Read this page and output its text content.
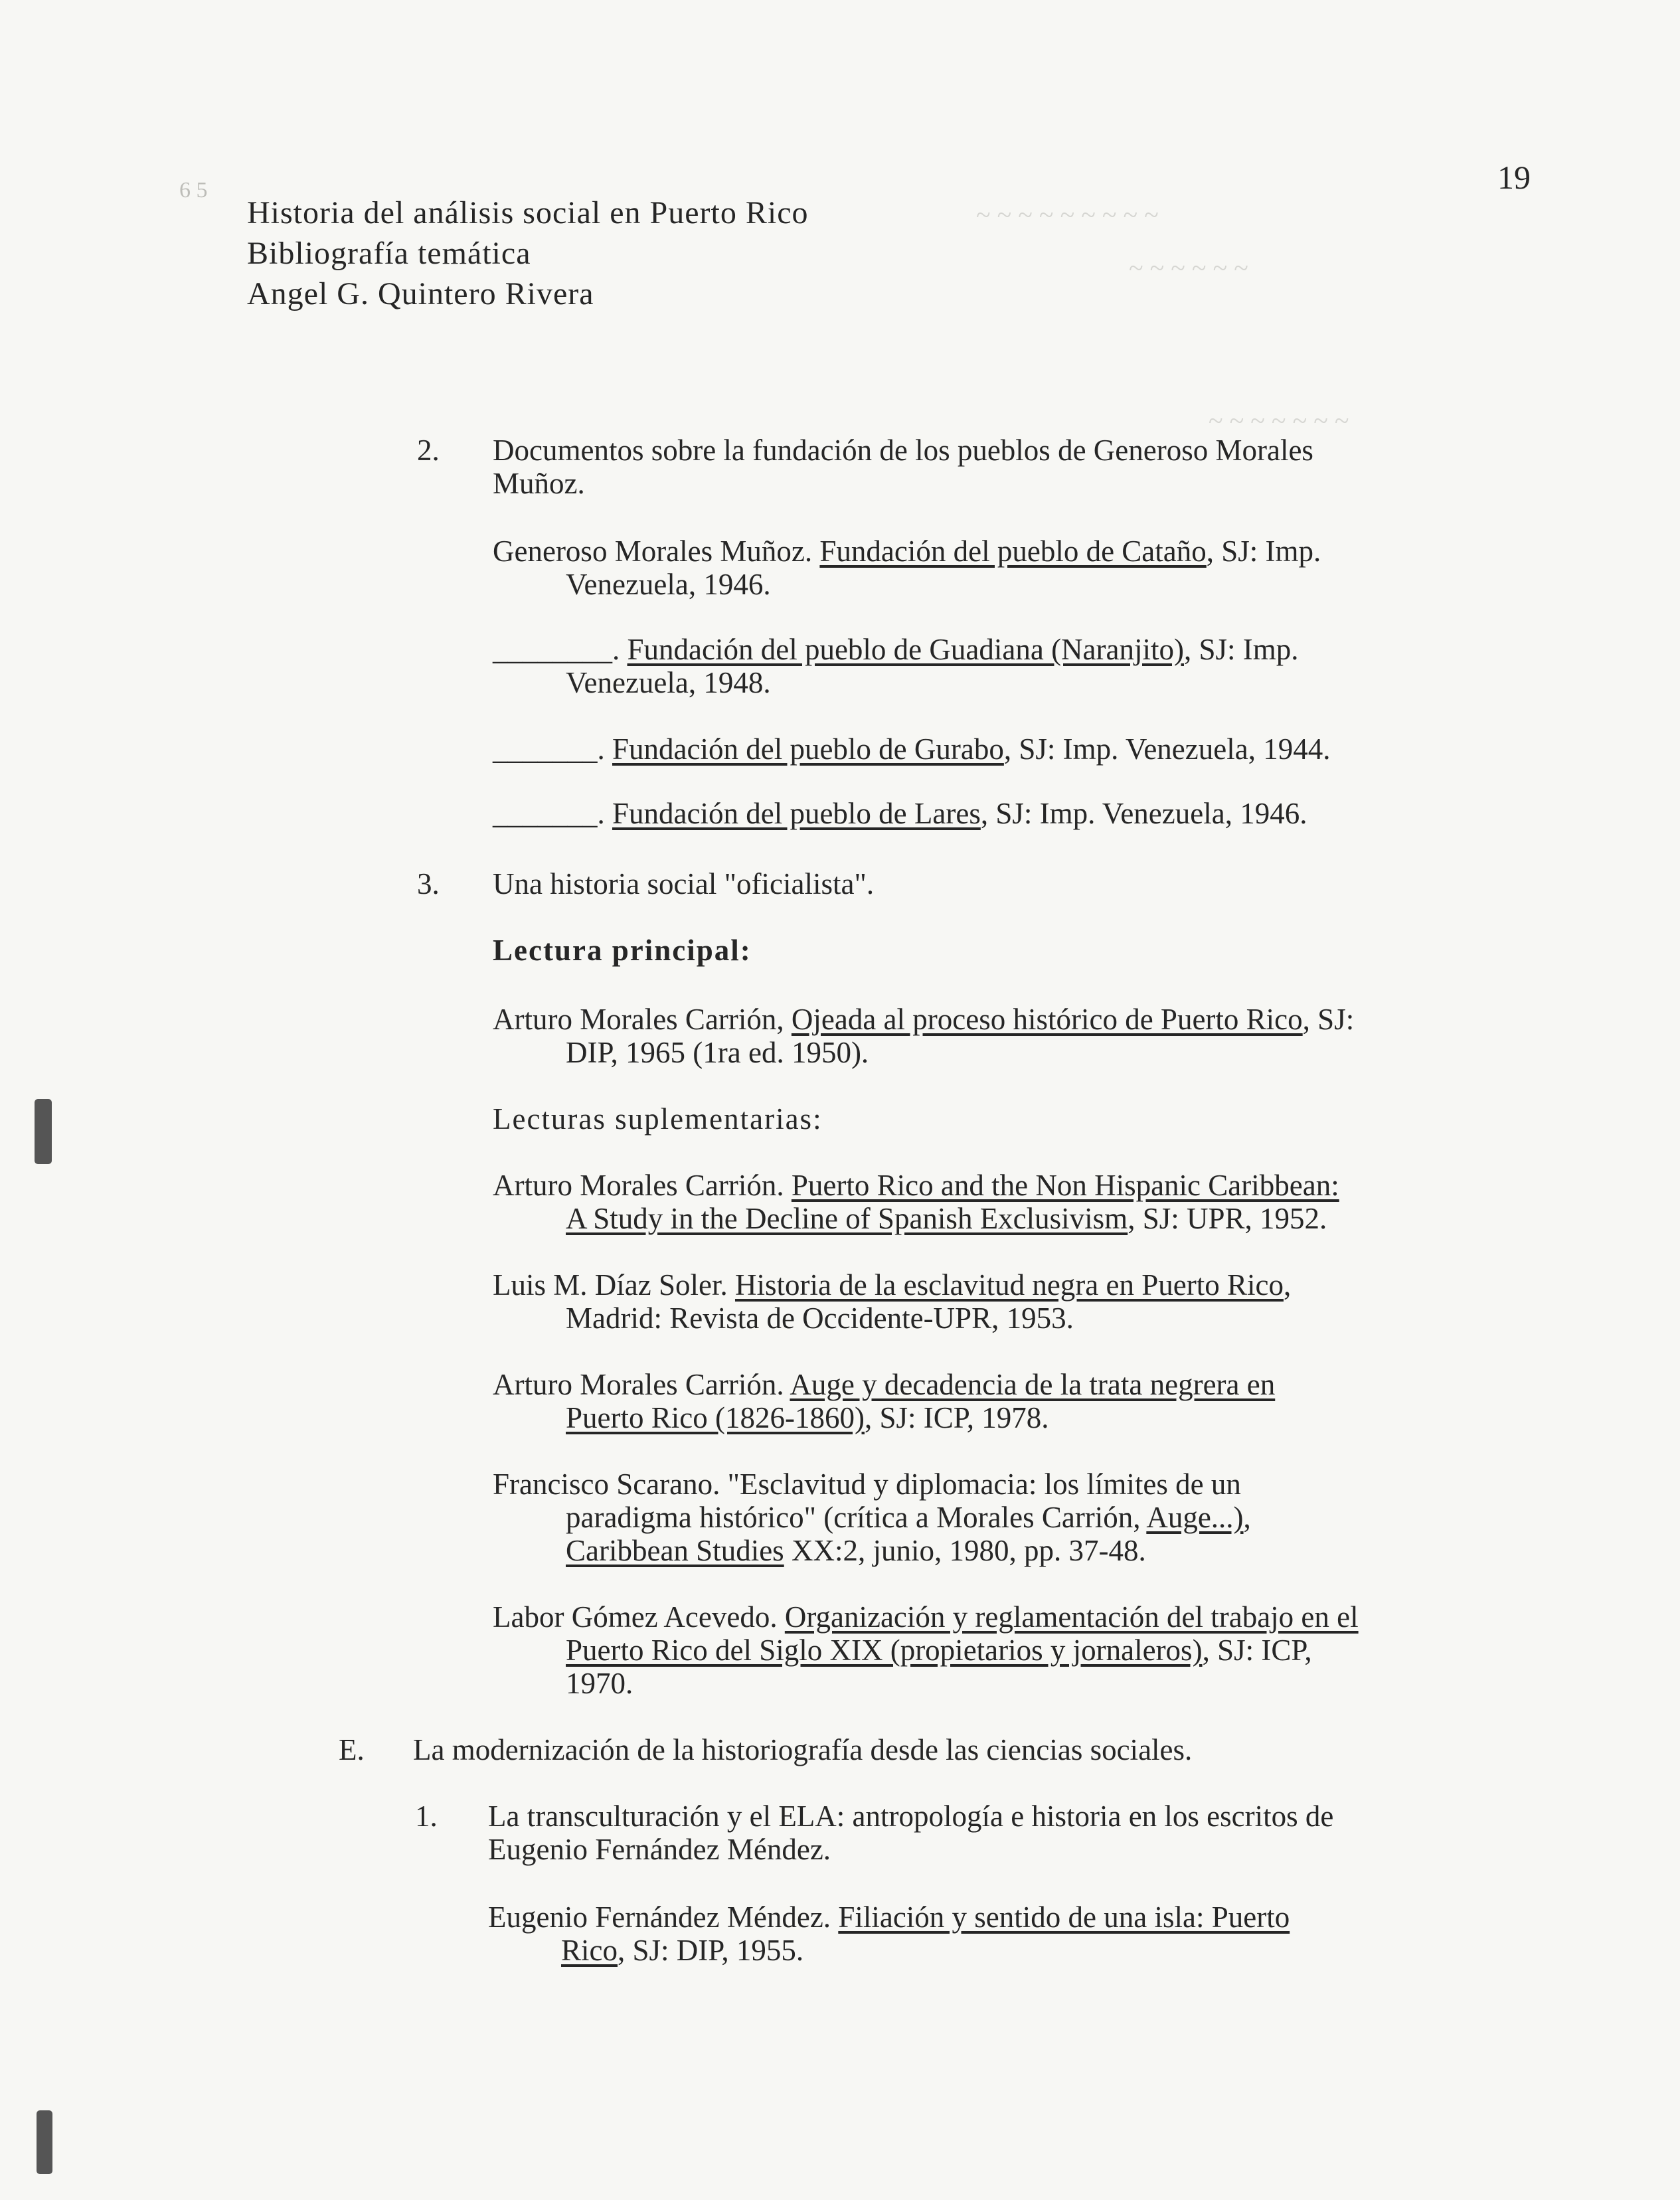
~ ~ ~ ~ ~ ~ ~ ~ ~
~ ~ ~ ~ ~ ~
~ ~ ~ ~ ~ ~ ~
6 5	19
Historia del análisis social en Puerto Rico
Bibliografía temática
Angel G. Quintero Rivera
2. Documentos sobre la fundación de los pueblos de Generoso Morales
Muñoz.
Generoso Morales Muñoz. Fundación del pueblo de Cataño, SJ: Imp.
Venezuela, 1946.
________. Fundación del pueblo de Guadiana (Naranjito), SJ: Imp.
Venezuela, 1948.
_______. Fundación del pueblo de Gurabo, SJ: Imp. Venezuela, 1944.
_______. Fundación del pueblo de Lares, SJ: Imp. Venezuela, 1946.
3. Una historia social "oficialista".
Lectura principal:
Arturo Morales Carrión, Ojeada al proceso histórico de Puerto Rico, SJ:
DIP, 1965 (1ra ed. 1950).
Lecturas suplementarias:
Arturo Morales Carrión. Puerto Rico and the Non Hispanic Caribbean:
A Study in the Decline of Spanish Exclusivism, SJ: UPR, 1952.
Luis M. Díaz Soler. Historia de la esclavitud negra en Puerto Rico,
Madrid: Revista de Occidente-UPR, 1953.
Arturo Morales Carrión. Auge y decadencia de la trata negrera en
Puerto Rico (1826-1860), SJ: ICP, 1978.
Francisco Scarano. "Esclavitud y diplomacia: los límites de un
paradigma histórico" (crítica a Morales Carrión, Auge...),
Caribbean Studies XX:2, junio, 1980, pp. 37-48.
Labor Gómez Acevedo. Organización y reglamentación del trabajo en el
Puerto Rico del Siglo XIX (propietarios y jornaleros), SJ: ICP,
1970.
E. La modernización de la historiografía desde las ciencias sociales.
1. La transculturación y el ELA: antropología e historia en los escritos de
Eugenio Fernández Méndez.
Eugenio Fernández Méndez. Filiación y sentido de una isla: Puerto
Rico, SJ: DIP, 1955.
